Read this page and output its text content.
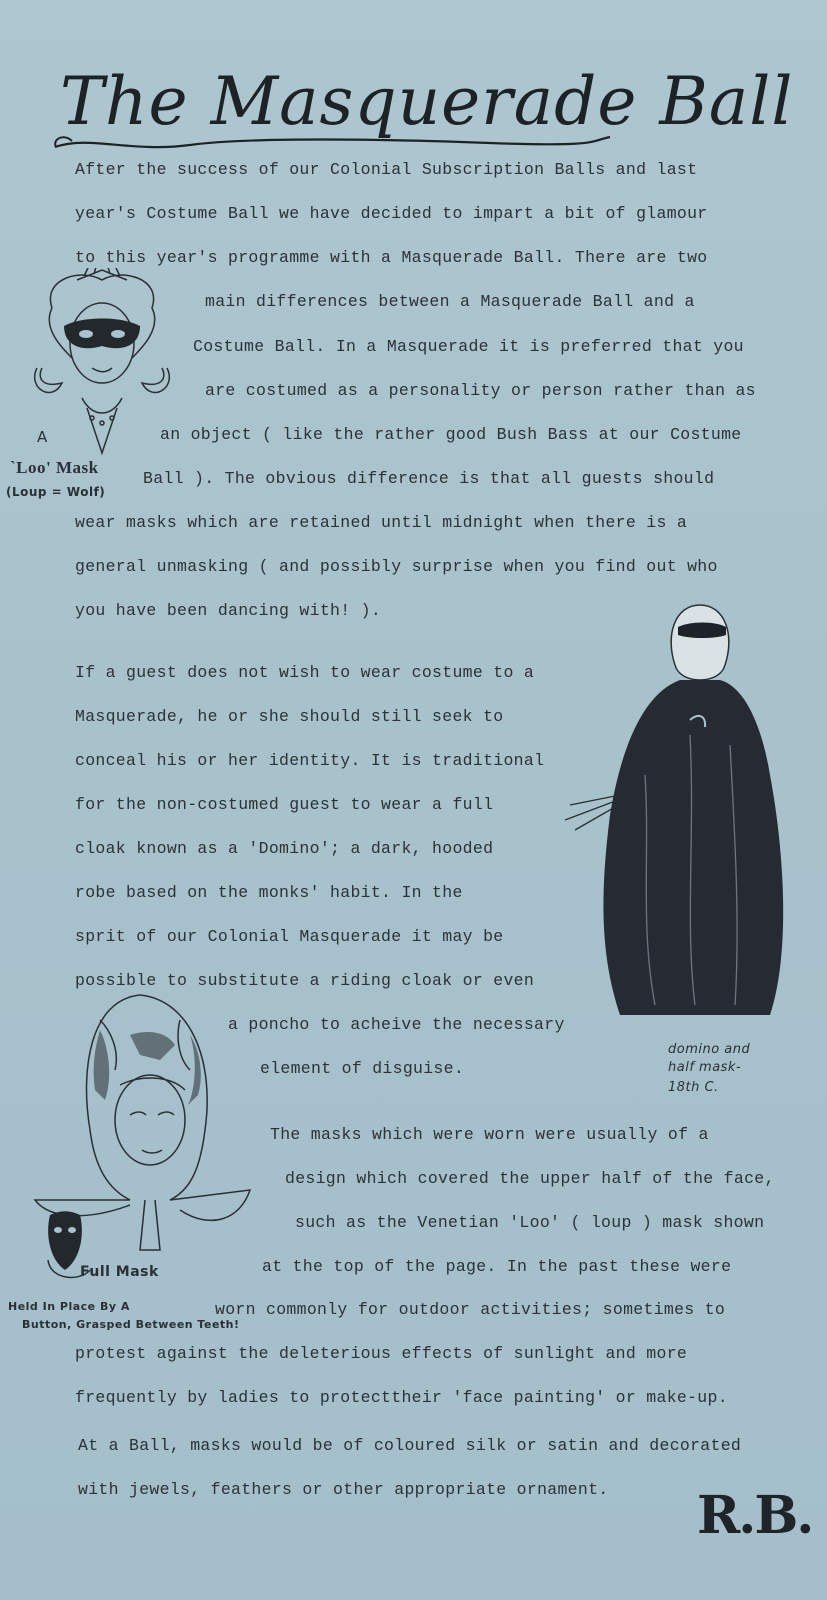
The Masquerade Ball
After the success of our Colonial Subscription Balls and last
year's Costume Ball we have decided to impart a bit of glamour
to this year's programme with a Masquerade Ball. There are two
main differences between a Masquerade Ball and a
Costume Ball. In a Masquerade it is preferred that you
are costumed as a personality or person rather than as
an object ( like the rather good Bush Bass at our Costume
Ball ). The obvious difference is that all guests should
wear masks which are retained until midnight when there is a
general unmasking ( and possibly surprise when you find out who
you have been dancing with! ).
If a guest does not wish to wear costume to a
Masquerade, he or she should still seek to
conceal his or her identity. It is traditional
for the non-costumed guest to wear a full
cloak known as a 'Domino'; a dark, hooded
robe based on the monks' habit. In the
sprit of our Colonial Masquerade it may be
possible to substitute a riding cloak or even
a poncho to acheive the necessary
element of disguise.
The masks which were worn were usually of a
design which covered the upper half of the face,
such as the Venetian 'Loo' ( loup ) mask shown
at the top of the page. In the past these were
worn commonly for outdoor activities; sometimes to
protest against the deleterious effects of sunlight and more
frequently by ladies to protecttheir 'face painting' or make-up.
At a Ball, masks would be of coloured silk or satin and decorated
with jewels, feathers or other appropriate ornament.
A
`Loo' Mask
(Loup = Wolf)
domino and
half mask-
18th C.
Full Mask
Held In Place By A
Button, Grasped Between Teeth!
R.B.
